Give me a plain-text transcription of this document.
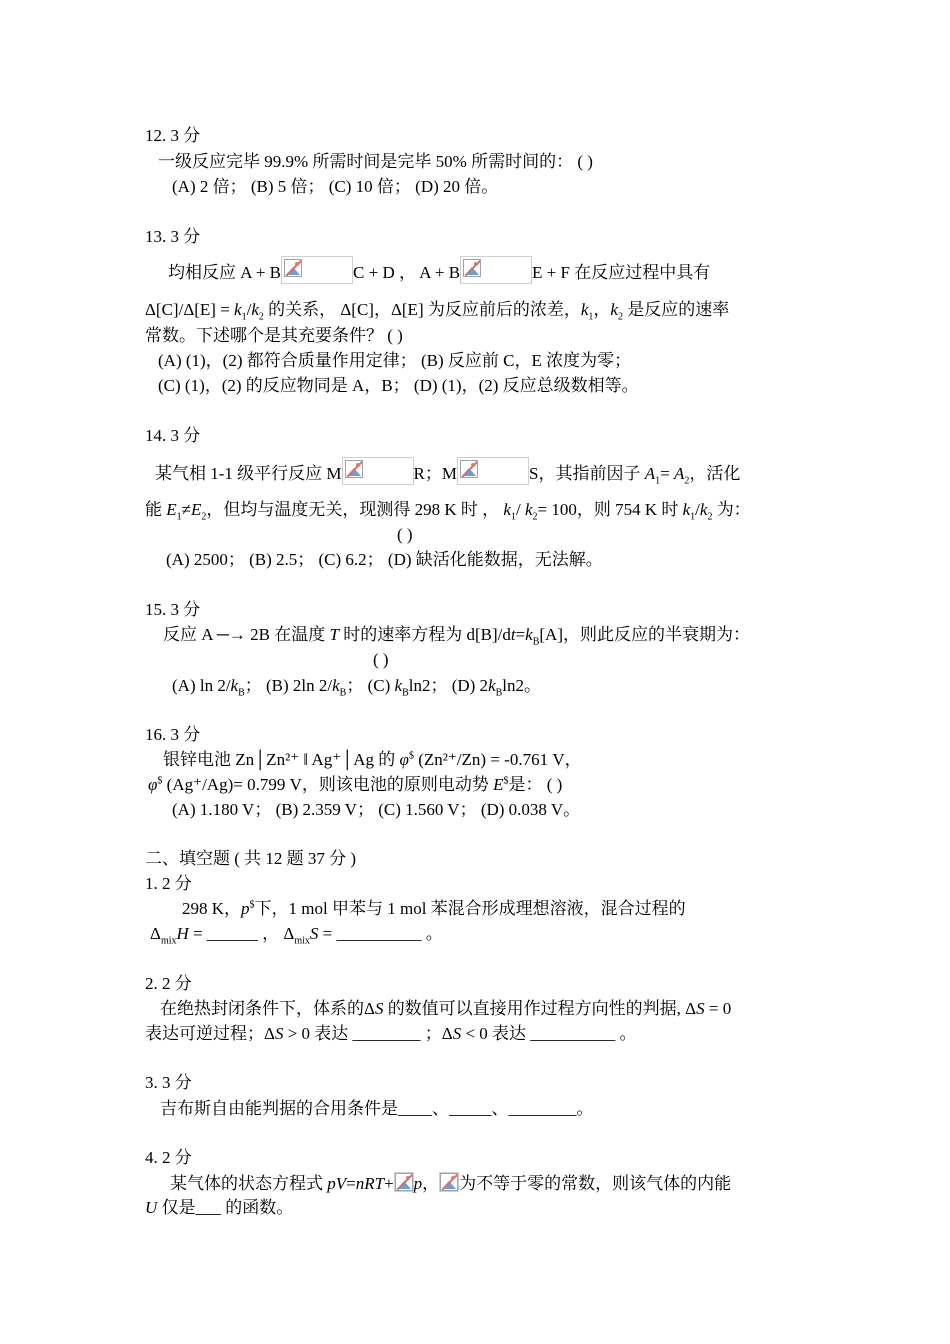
12. 3 分
一级反应完毕 99.9% 所需时间是完毕 50% 所需时间的： ( )
(A) 2 倍； (B) 5 倍； (C) 10 倍； (D) 20 倍。
13. 3 分
均相反应 A + B	C + D ， A + B	E + F 在反应过程中具有
$\Delta[C]/\Delta[E] = k_1/k_2$ 的关系， Δ[C]，Δ[E] 为反应前后的浓差，$k_1$，$k_2$ 是反应的速率
常数。下述哪个是其充要条件？ ( )
(A) (1)，(2) 都符合质量作用定律； (B) 反应前 C，E 浓度为零；
(C) (1)，(2) 的反应物同是 A，B； (D) (1)，(2) 反应总级数相等。
14. 3 分
某气相 1-1 级平行反应 M	R；M	S，其指前因子 $A_1= A_2$，活化
能 $E_1\ne E_2$，但均与温度无关，现测得 298 K 时 ， $k_1/$ $k_2= 100$，则 754 K 时 $k_1/k_2$ 为：
( )
(A) 2500； (B) 2.5； (C) 6.2； (D) 缺活化能数据，无法解。
15. 3 分
反应 A ─→ 2B 在温度 T 时的速率方程为 $d[B]/dt=k_B[A]$，则此反应的半衰期为：
( )
(A) $\ln 2/k_B$； (B) 2ln $2/k_B$； (C) $k_B\ln 2$； (D) $2k_B\ln 2$。
16. 3 分
银锌电池 Zn│Zn²⁺ ‖ Ag⁺│Ag 的 φ$ (Zn²⁺/Zn) = -0.761 V，
φ$ (Ag⁺/Ag)= 0.799 V，则该电池的原则电动势 E$是： ( )
(A) 1.180 V； (B) 2.359 V； (C) 1.560 V； (D) 0.038 V。
二、填空题 ( 共 12 题 37 分 )
1. 2 分
298 K，p$下，1 mol 甲苯与 1 mol 苯混合形成理想溶液，混合过程的
$\Delta_{mix}H$ = ______ ， $\Delta_{mix}S$ = __________ 。
2. 2 分
在绝热封闭条件下，体系的ΔS 的数值可以直接用作过程方向性的判据, ΔS = 0
表达可逆过程；ΔS > 0 表达 ________ ；ΔS < 0 表达 __________ 。
3. 3 分
吉布斯自由能判据的合用条件是____、_____、________。
4. 2 分
某气体的状态方程式 pV=nRT+ p， 为不等于零的常数，则该气体的内能
U 仅是___ 的函数。
